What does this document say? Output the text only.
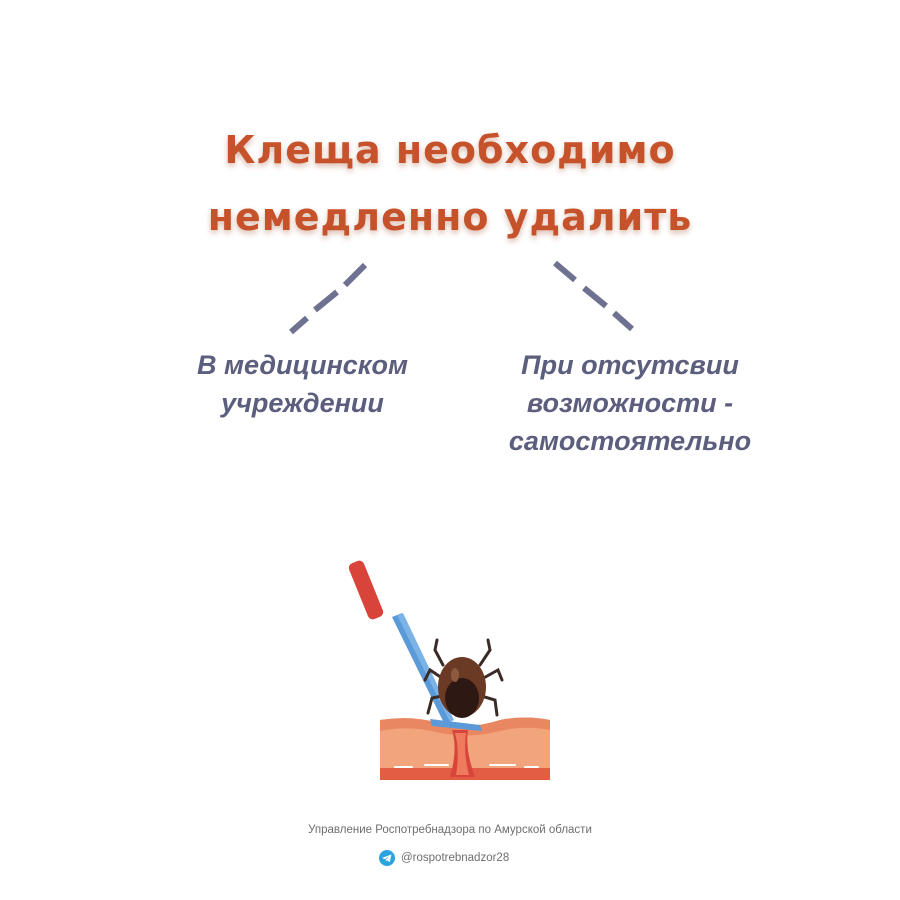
Клеща необходимо
немедленно удалить
В медицинском
учреждении
При отсутсвии
возможности -
самостоятельно
Управление Роспотребнадзора по Амурской области
@rospotrebnadzor28
